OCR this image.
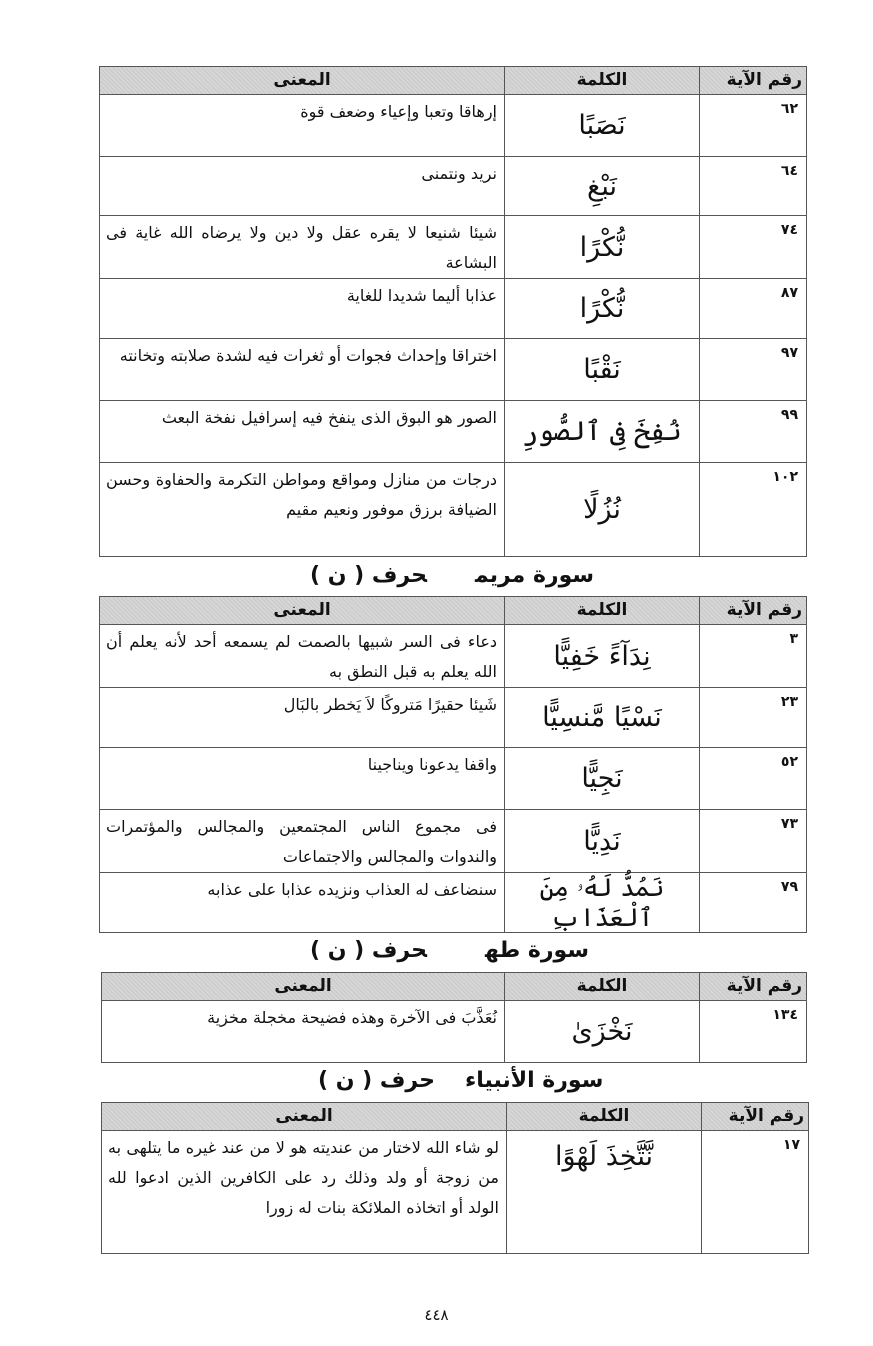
رقم الآية	الكلمة	المعنى
٦٢	نَصَبًا	إرهاقا وتعبا وإعياء وضعف قوة
٦٤	نَبْغِ	نريد ونتمنى
٧٤	نُّكْرًا	شيئا شنيعا لا يقره عقل ولا دين ولا يرضاه الله غاية فى البشاعة
٨٧	نُّكْرًا	عذابا أليما شديدا للغاية
٩٧	نَقْبًا	اختراقا وإحداث فجوات أو ثغرات فيه لشدة صلابته وتخانته
٩٩	نُفِخَ فِى ٱلصُّورِ	الصور هو البوق الذى ينفخ فيه إسرافيل نفخة البعث
١٠٢	نُزُلًا	درجات من منازل ومواقع ومواطن التكرمة والحفاوة وحسن الضيافة برزق موفور ونعيم مقيم
سورة مريمحرف ( ن )
رقم الآية	الكلمة	المعنى
٣	نِدَآءً خَفِيًّا	دعاء فى السر شبيها بالصمت لم يسمعه أحد لأنه يعلم أن الله يعلم به قبل النطق به
٢٣	نَسْيًا مَّنسِيًّا	شَيئا حقيرًا مَتروكًا لاَ يَخطر بالبَال
٥٢	نَجِيًّا	واقفا يدعونا ويناجينا
٧٣	نَدِيًّا	فى مجموع الناس المجتمعين والمجالس والمؤتمرات والندوات والمجالس والاجتماعات
٧٩	نَمُدُّ لَهُۥ مِنَ ٱلْعَذَابِ	سنضاعف له العذاب ونزيده عذابا على عذابه
سورة طهحرف ( ن )
رقم الآية	الكلمة	المعنى
١٣٤	نَخْزَىٰ	نُعَذَّبَ فى الآخرة وهذه فضيحة مخجلة مخزية
سورة الأنبياءحرف ( ن )
رقم الآية	الكلمة	المعنى
١٧	نَّتَّخِذَ لَهْوًا	لو شاء الله لاختار من عنديته هو لا من عند غيره ما يتلهى به من زوجة أو ولد وذلك رد على الكافرين الذين ادعوا لله الولد أو اتخاذه الملائكة بنات له زورا
٤٤٨
